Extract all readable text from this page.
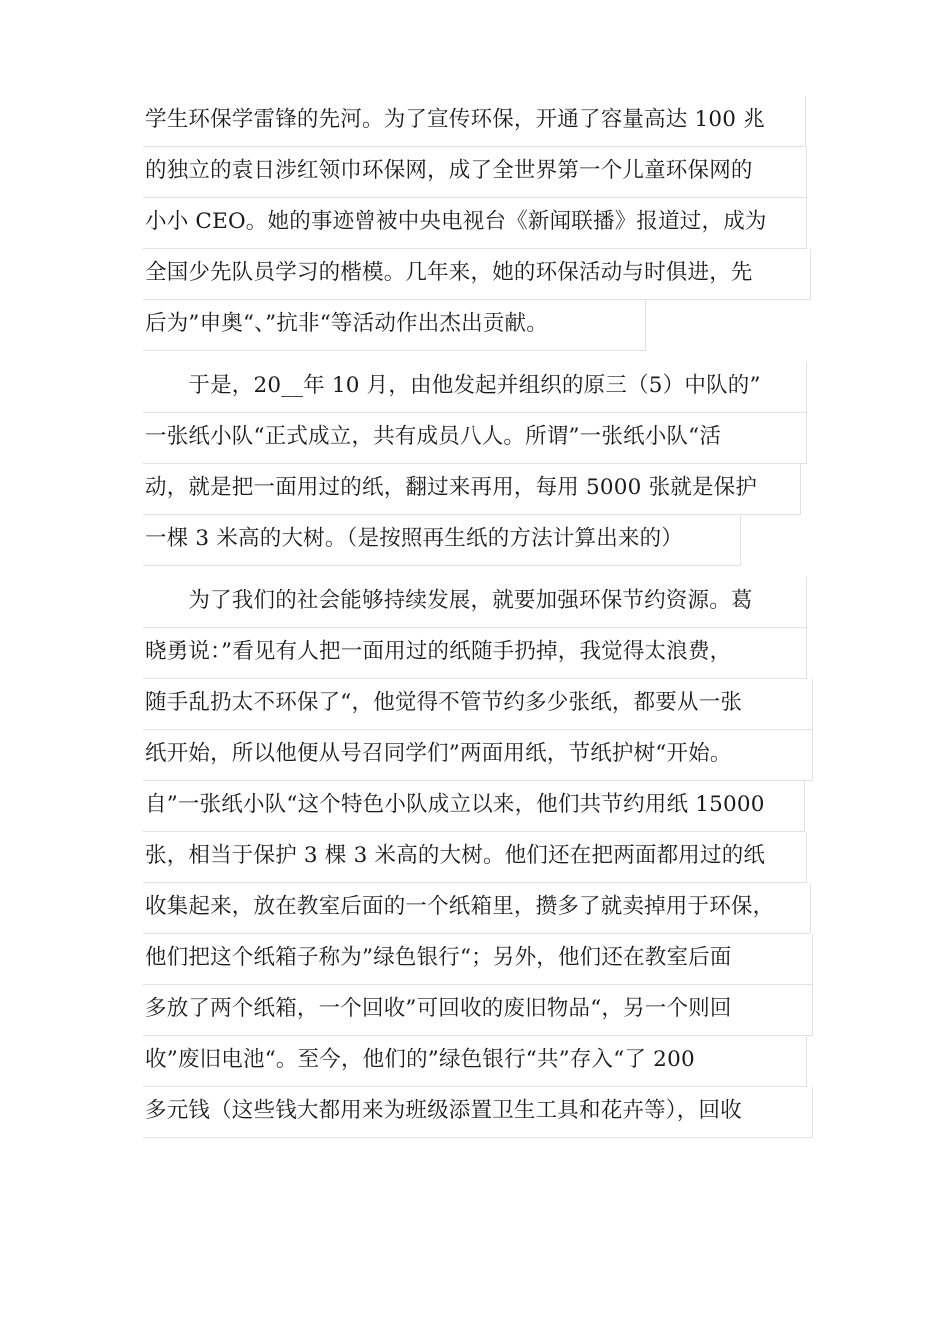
学生环保学雷锋的先河。为了宣传环保，开通了容量高达 100 兆
的独立的袁日涉红领巾环保网，成了全世界第一个儿童环保网的
小小 CEO。她的事迹曾被中央电视台《新闻联播》报道过，成为
全国少先队员学习的楷模。几年来，她的环保活动与时俱进，先
后为”申奥“、”抗非“等活动作出杰出贡献。
　　于是，20__年 10 月，由他发起并组织的原三（5）中队的”
一张纸小队“正式成立，共有成员八人。所谓”一张纸小队“活
动，就是把一面用过的纸，翻过来再用，每用 5000 张就是保护
一棵 3 米高的大树。（是按照再生纸的方法计算出来的）
　　为了我们的社会能够持续发展，就要加强环保节约资源。葛
晓勇说：”看见有人把一面用过的纸随手扔掉，我觉得太浪费，
随手乱扔太不环保了“，他觉得不管节约多少张纸，都要从一张
纸开始，所以他便从号召同学们”两面用纸，节纸护树“开始。
自”一张纸小队“这个特色小队成立以来，他们共节约用纸 15000
张，相当于保护 3 棵 3 米高的大树。他们还在把两面都用过的纸
收集起来，放在教室后面的一个纸箱里，攒多了就卖掉用于环保，
他们把这个纸箱子称为”绿色银行“；另外，他们还在教室后面
多放了两个纸箱，一个回收”可回收的废旧物品“，另一个则回
收”废旧电池“。至今，他们的”绿色银行“共”存入“了 200
多元钱（这些钱大都用来为班级添置卫生工具和花卉等），回收
